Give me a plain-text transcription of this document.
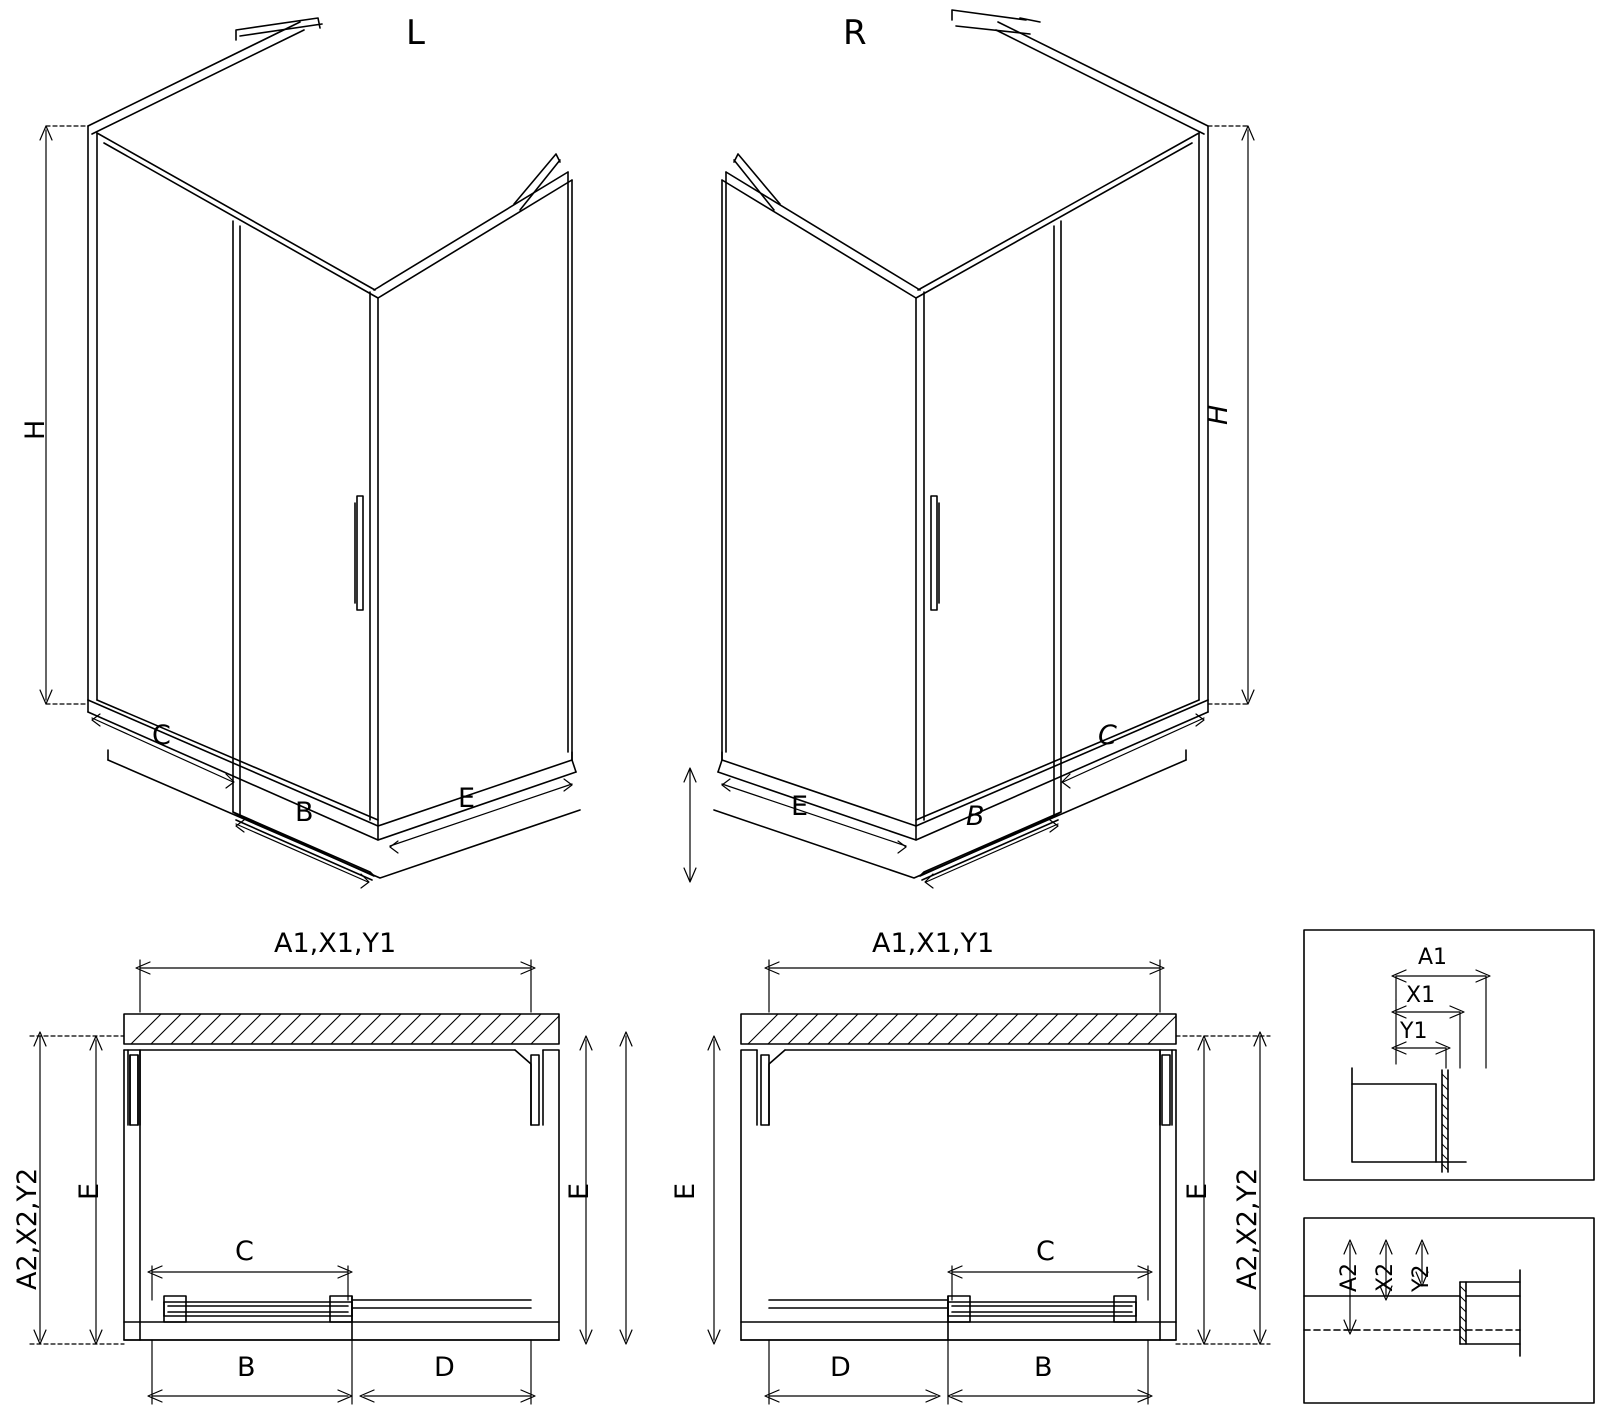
L	R
H
C
B	E
H
C
B
E
A1,X1,Y1
A2,X2,Y2 E	E
C
B	D
A1,X1,Y1
A2,X2,Y2
E	E
C
B
D
A1
X1
Y1
A2 X2 Y2
